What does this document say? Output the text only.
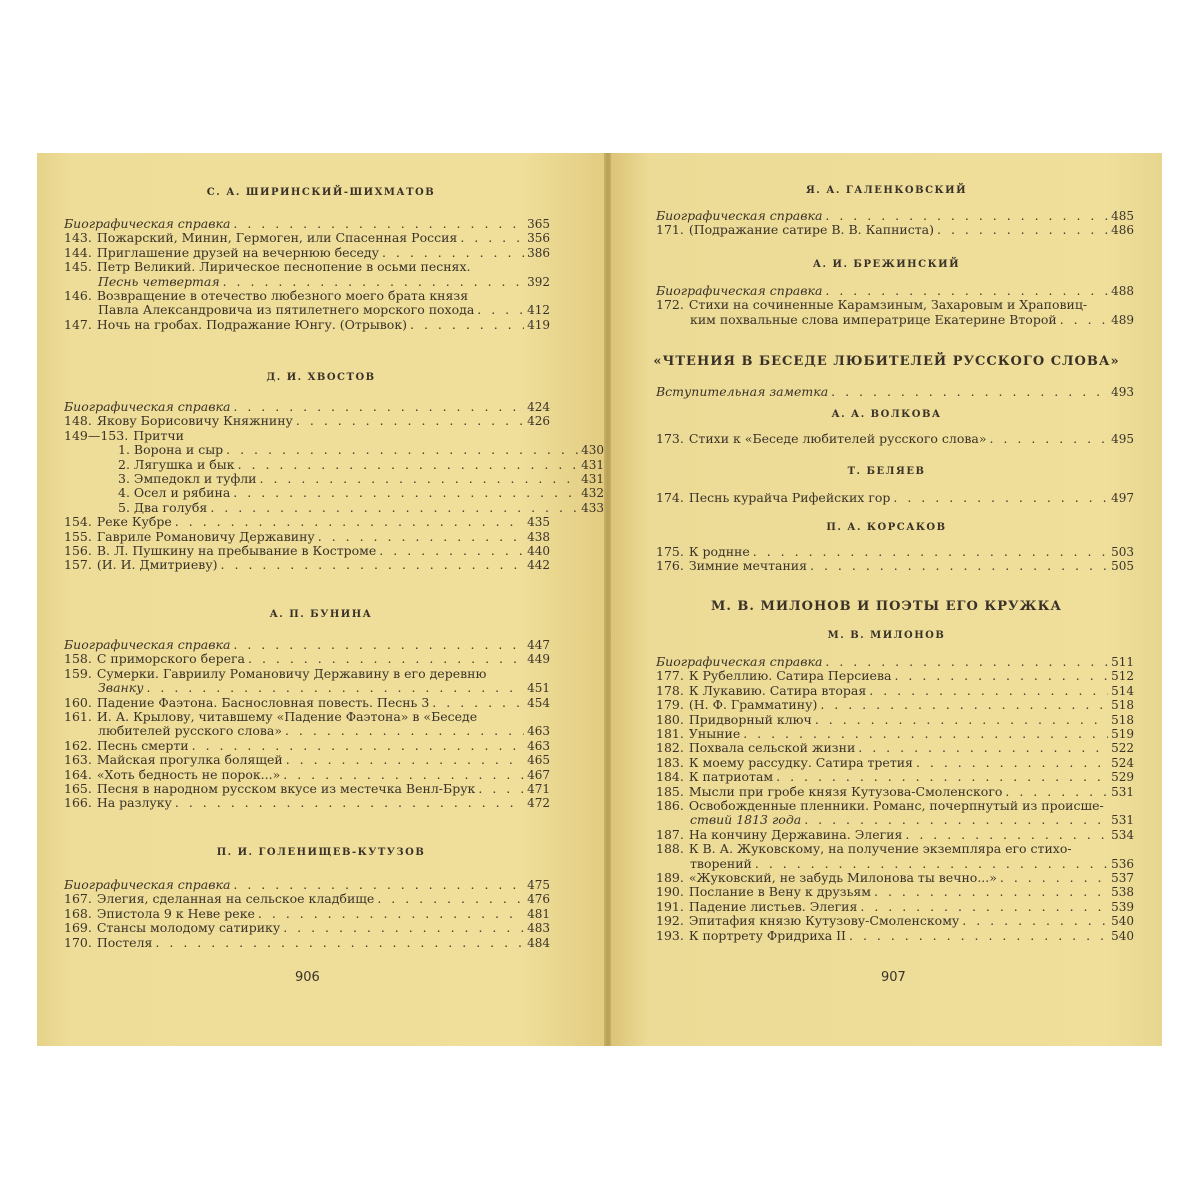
906
С. А. ШИРИНСКИЙ-ШИХМАТОВ
Биографическая справка . . .	365
143. Пожарский, Минин, Гермоген, или Спасенная Россия . . .	356
144. Приглашение друзей на вечернюю беседу . . .	386
145. Петр Великий. Лирическое песнопение в осьми песнях.
Песнь четвертая . . .	392
146. Возвращение в отечество любезного моего брата князя
Павла Александровича из пятилетнего морского похода . . .	412
147. Ночь на гробах. Подражание Юнгу. (Отрывок) . . .	419
Д. И. ХВОСТОВ
Биографическая справка . . .	424
148. Якову Борисовичу Княжнину . . .	426
149—153. Притчи
1. Ворона и сыр . . .	430
2. Лягушка и бык . . .	431
3. Эмпедокл и туфли . . .	431
4. Осел и рябина . . .	432
5. Два голубя . . .	433
154. Реке Кубре . . .	435
155. Гавриле Романовичу Державину . . .	438
156. В. Л. Пушкину на пребывание в Костроме . . .	440
157. (И. И. Дмитриеву) . . .	442
А. П. БУНИНА
Биографическая справка . . .	447
158. С приморского берега . . .	449
159. Сумерки. Гавриилу Романовичу Державину в его деревню
Званку . . .	451
160. Падение Фаэтона. Баснословная повесть. Песнь 3 . . .	454
161. И. А. Крылову, читавшему «Падение Фаэтона» в «Беседе
любителей русского слова» . . .	463
162. Песнь смерти . . .	463
163. Майская прогулка болящей . . .	465
164. «Хоть бедность не порок...» . . .	467
165. Песня в народном русском вкусе из местечка Венл-Брук . . .	471
166. На разлуку . . .	472
П. И. ГОЛЕНИЩЕВ-КУТУЗОВ
Биографическая справка . . .	475
167. Элегия, сделанная на сельское кладбище . . .	476
168. Эпистола 9 к Неве реке . . .	481
169. Стансы молодому сатирику . . .	483
170. Постеля . . .	484
907
Я. А. ГАЛЕНКОВСКИЙ
Биографическая справка . . .	485
171. (Подражание сатире В. В. Капниста) . . .	486
А. И. БРЕЖИНСКИЙ
Биографическая справка . . .	488
172. Стихи на сочиненные Карамзиным, Захаровым и Храповиц-
ким похвальные слова императрице Екатерине Второй . . .	489
«ЧТЕНИЯ В БЕСЕДЕ ЛЮБИТЕЛЕЙ РУССКОГО СЛОВА»
Вступительная заметка . . .	493
А. А. ВОЛКОВА
173. Стихи к «Беседе любителей русского слова» . . .	495
Т. БЕЛЯЕВ
174. Песнь курайча Рифейских гор . . .	497
П. А. КОРСАКОВ
175. К роднне . . .	503
176. Зимние мечтания . . .	505
М. В. МИЛОНОВ И ПОЭТЫ ЕГО КРУЖКА
М. В. МИЛОНОВ
Биографическая справка . . .	511
177. К Рубеллию. Сатира Персиева . . .	512
178. К Лукавию. Сатира вторая . . .	514
179. (Н. Ф. Грамматину) . . .	518
180. Придворный ключ . . .	518
181. Уныние . . .	519
182. Похвала сельской жизни . . .	522
183. К моему рассудку. Сатира третия . . .	524
184. К патриотам . . .	529
185. Мысли при гробе князя Кутузова-Смоленского . . .	531
186. Освобожденные пленники. Романс, почерпнутый из происше-
ствий 1813 года . . .	531
187. На кончину Державина. Элегия . . .	534
188. К В. А. Жуковскому, на получение экземпляра его стихо-
творений . . .	536
189. «Жуковский, не забудь Милонова ты вечно...» . . .	537
190. Послание в Вену к друзьям . . .	538
191. Падение листьев. Элегия . . .	539
192. Эпитафия князю Кутузову-Смоленскому . . .	540
193. К портрету Фридриха II . . .	540
